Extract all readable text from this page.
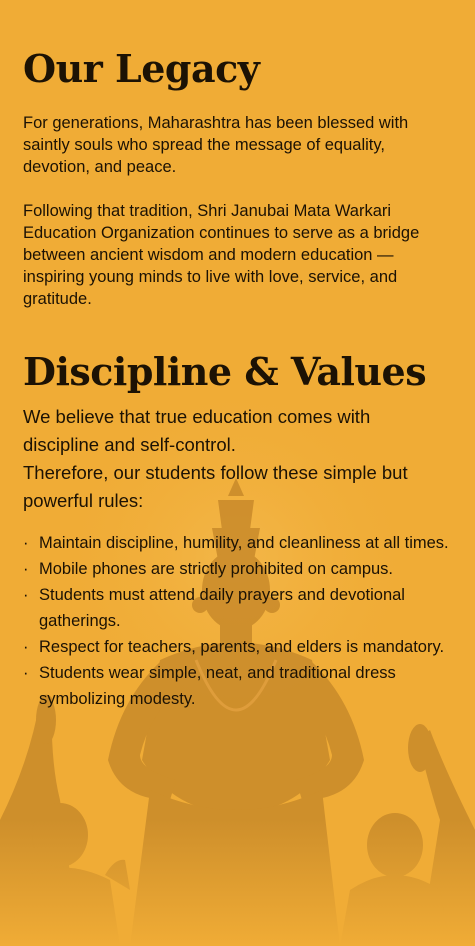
Our Legacy

For generations, Maharashtra has been blessed with saintly souls who spread the message of equality, devotion, and peace.

Following that tradition, Shri Janubai Mata Warkari Education Organization continues to serve as a bridge between ancient wisdom and modern education — inspiring young minds to live with love, service, and gratitude.

Discipline & Values

We believe that true education comes with discipline and self-control.
Therefore, our students follow these simple but powerful rules:

· Maintain discipline, humility, and cleanliness at all times.
· Mobile phones are strictly prohibited on campus.
· Students must attend daily prayers and devotional gatherings.
· Respect for teachers, parents, and elders is mandatory.
· Students wear simple, neat, and traditional dress symbolizing modesty.
